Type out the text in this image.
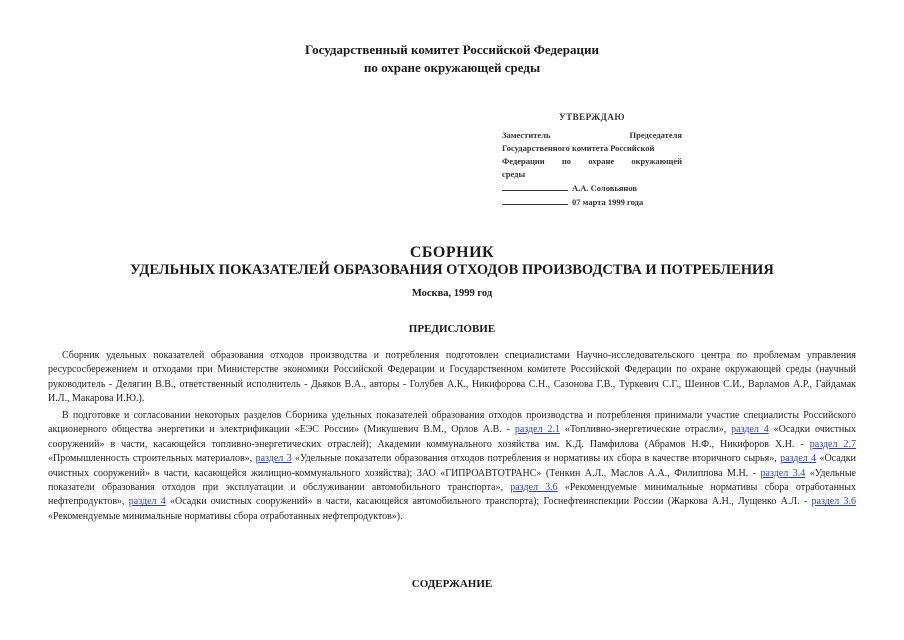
Государственный комитет Российской Федерации
по охране окружающей среды
УТВЕРЖДАЮ
Заместитель	Председателя
Государственного комитета Российской
Федерации по охране окружающей
среды
А.А. Соловьянов
07 марта 1999 года
СБОРНИК
УДЕЛЬНЫХ ПОКАЗАТЕЛЕЙ ОБРАЗОВАНИЯ ОТХОДОВ ПРОИЗВОДСТВА И ПОТРЕБЛЕНИЯ
Москва, 1999 год
ПРЕДИСЛОВИЕ
Сборник удельных показателей образования отходов производства и потребления подготовлен специалистами Научно-исследовательского центра по проблемам управления ресурсосбережением и отходами при Министерстве экономики Российской Федерации и Государственном комитете Российской Федерации по охране окружающей среды (научный руководитель - Делягин В.В., ответственный исполнитель - Дьяков В.А., авторы - Голубев А.К., Никифорова С.Н., Сазонова Г.В., Туркевич С.Г., Шеинов С.И., Варламов А.Р., Гайдамак И.Л., Макарова И.Ю.).
В подготовке и согласовании некоторых разделов Сборника удельных показателей образования отходов производства и потребления принимали участие специалисты Российского акционерного общества энергетики и электрификации «ЕЭС России» (Микушевич В.М., Орлов А.В. - раздел 2.1 «Топливно-энергетические отрасли», раздел 4 «Осадки очистных сооружений» в части, касающейся топливно-энергетических отраслей); Академии коммунального хозяйства им. К.Д. Памфилова (Абрамов Н.Ф., Никифоров Х.Н. - раздел 2.7 «Промышленность строительных материалов», раздел 3 «Удельные показатели образования отходов потребления и нормативы их сбора в качестве вторичного сырья», раздел 4 «Осадки очистных сооружений» в части, касающейся жилищно-коммунального хозяйства); ЗАО «ГИПРОАВТОТРАНС» (Тенкин А.Л., Маслов А.А., Филиппова М.Н. - раздел 3.4 «Удельные показатели образования отходов при эксплуатации и обслуживании автомобильного транспорта», раздел 3.6 «Рекомендуемые минимальные нормативы сбора отработанных нефтепродуктов», раздел 4 «Осадки очистных сооружений» в части, касающейся автомобильного транспорта); Госнефтеинспекции России (Жаркова А.Н., Лущенко А.Л. - раздел 3.6 «Рекомендуемые минимальные нормативы сбора отработанных нефтепродуктов»).
СОДЕРЖАНИЕ
